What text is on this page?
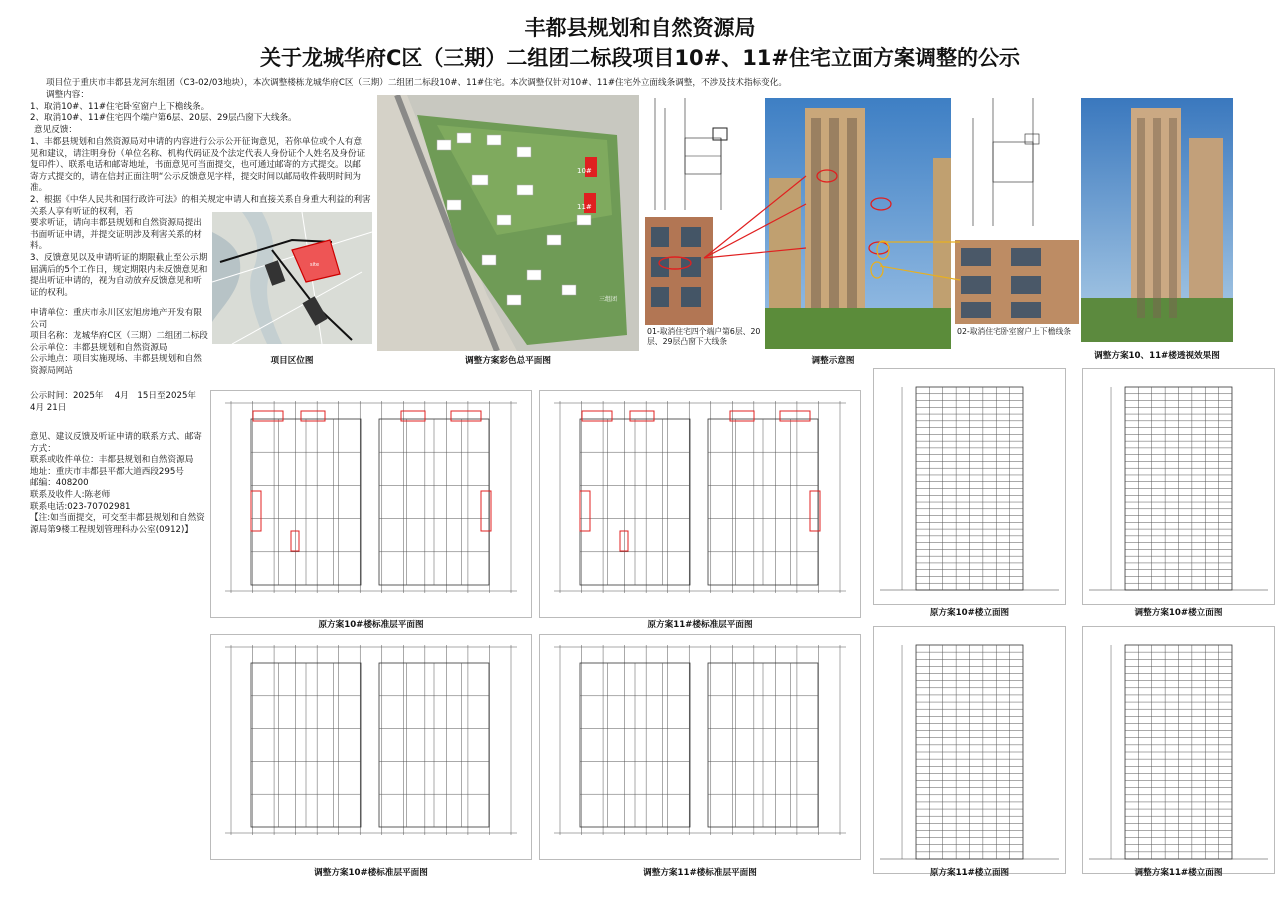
丰都县规划和自然资源局
关于龙城华府C区（三期）二组团二标段项目10#、11#住宅立面方案调整的公示
项目位于重庆市丰都县龙河东组团（C3-02/03地块），本次调整楼栋龙城华府C区（三期）二组团二标段10#、11#住宅。本次调整仅针对10#、11#住宅外立面线条调整，不涉及技术指标变化。

调整内容：

1、取消10#、11#住宅卧室窗户上下檐线条。

2、取消10#、11#住宅四个端户第6层、20层、29层凸窗下大线条。

意见反馈：

1、丰都县规划和自然资源局对申请的内容进行公示公开征询意见，若你单位或个人有意见和建议，请注明身份（单位名称、机构代码证及个法定代表人身份证个人姓名及身份证复印件）、联系电话和邮寄地址，书面意见可当面提交，也可通过邮寄的方式提交。以邮寄方式提交的，请在信封正面注明“公示反馈意见字样，提交时间以邮局收件载明时间为准。
2、根据《中华人民共和国行政许可法》的相关规定申请人和直接关系自身重大利益的利害关系人享有听证的权利，若
要求听证，请向丰都县规划和自然资源局提出书面听证申请，并提交证明涉及利害关系的材料。
3、反馈意见以及申请听证的期限截止至公示期届满后的5个工作日，规定期限内未反馈意见和提出听证申请的，视为自动放弃反馈意见和听证的权利。

申请单位：重庆市永川区宏旭房地产开发有限公司

项目名称：龙城华府C区（三期）二组团二标段

公示单位：丰都县规划和自然资源局

公示地点：项目实施现场、丰都县规划和自然资源局网站

公示时间：2025年　 4月　15日至2025年　 4月 21日

意见、建议反馈及听证申请的联系方式、邮寄方式：

联系或收件单位：丰都县规划和自然资源局

地址：重庆市丰都县平都大道西段295号

邮编：408200

联系及收件人:陈老师

联系电话:023-70702981

【注:如当面提交，可交至丰都县规划和自然资源局第9楼工程规划管理科办公室(0912)】

site
项目区位图
10#
11#
三组团
调整方案彩色总平面图
01-取消住宅四个端户第6层、20层、29层凸窗下大线条
02-取消住宅卧室窗户上下檐线条
调整示意图	调整方案10、11#楼透视效果图
原方案10#楼标准层平面图	原方案11#楼标准层平面图
调整方案10#楼标准层平面图	调整方案11#楼标准层平面图
原方案10#楼立面图	调整方案10#楼立面图
原方案11#楼立面图	调整方案11#楼立面图
